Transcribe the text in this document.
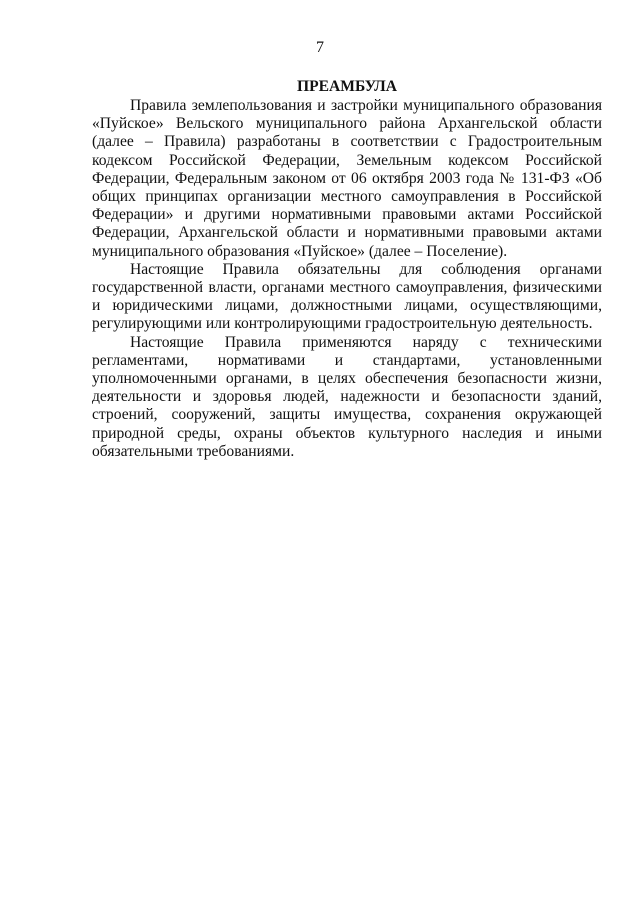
7

ПРЕАМБУЛА

Правила землепользования и застройки муниципального образования «Пуйское» Вельского муниципального района Архангельской области (далее – Правила) разработаны в соответствии с Градостроительным кодексом Российской Федерации, Земельным кодексом Российской Федерации, Федеральным законом от 06 октября 2003 года № 131-ФЗ «Об общих принципах организации местного самоуправления в Российской Федерации» и другими нормативными правовыми актами Российской Федерации, Архангельской области и нормативными правовыми актами муниципального образования «Пуйское» (далее – Поселение).

Настоящие Правила обязательны для соблюдения органами государственной власти, органами местного самоуправления, физическими и юридическими лицами, должностными лицами, осуществляющими, регулирующими или контролирующими градостроительную деятельность.

Настоящие Правила применяются наряду с техническими регламентами, нормативами и стандартами, установленными уполномоченными органами, в целях обеспечения безопасности жизни, деятельности и здоровья людей, надежности и безопасности зданий, строений, сооружений, защиты имущества, сохранения окружающей природной среды, охраны объектов культурного наследия и иными обязательными требованиями.
